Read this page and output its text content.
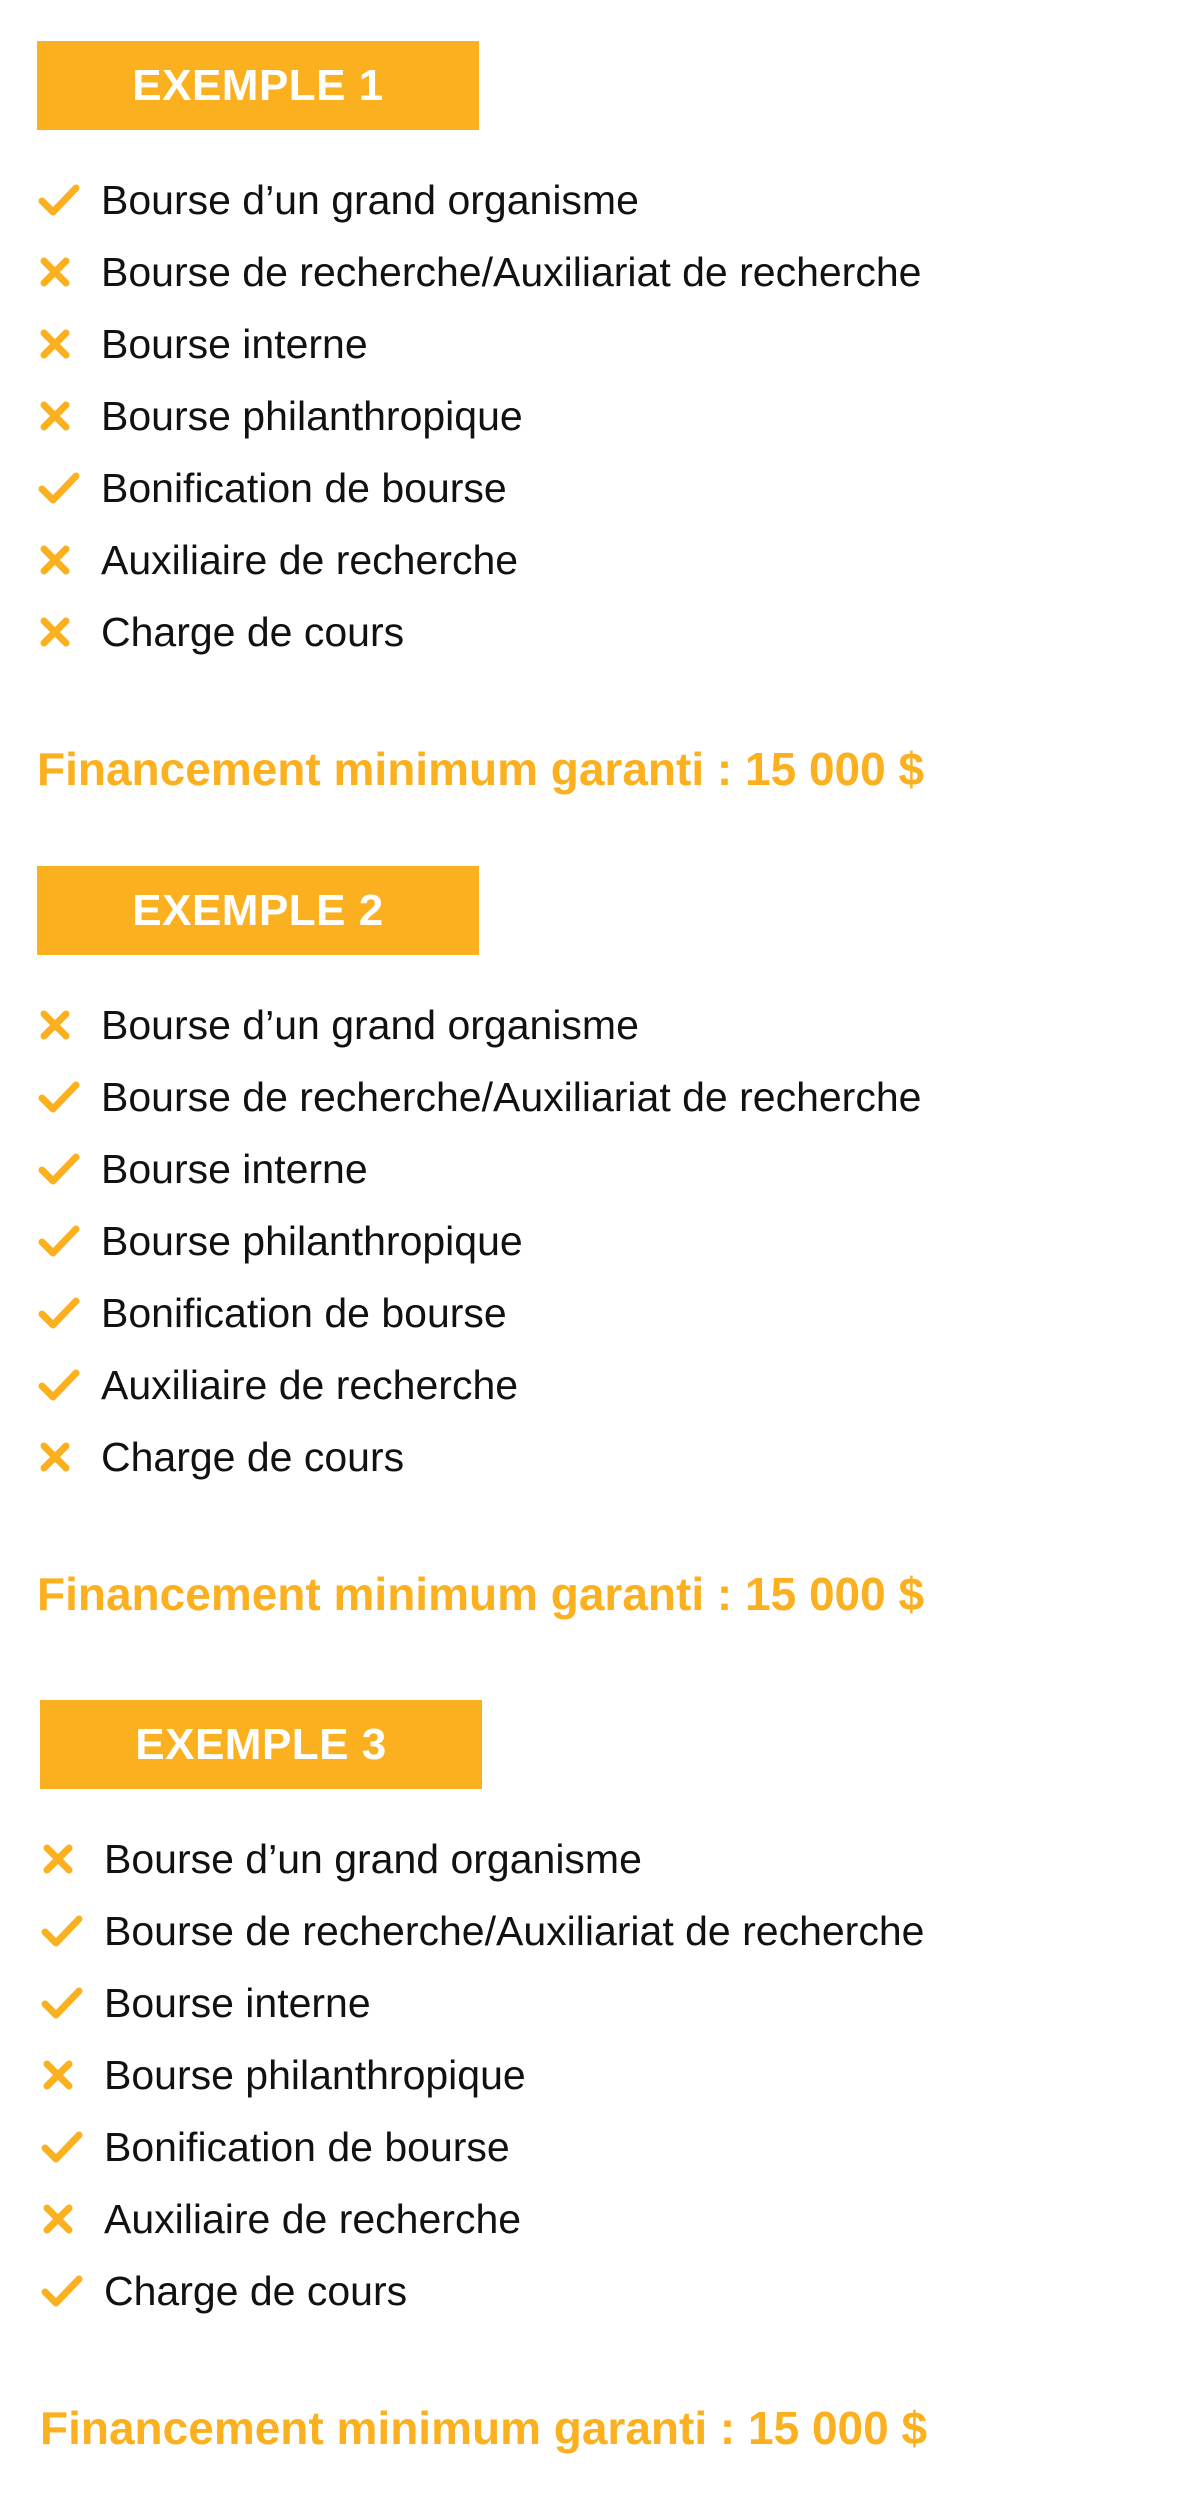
EXEMPLE 1
Bourse d’un grand organisme
Bourse de recherche/Auxiliariat de recherche
Bourse interne
Bourse philanthropique
Bonification de bourse
Auxiliaire de recherche
Charge de cours
Financement minimum garanti : 15 000 $
EXEMPLE 2
Bourse d’un grand organisme
Bourse de recherche/Auxiliariat de recherche
Bourse interne
Bourse philanthropique
Bonification de bourse
Auxiliaire de recherche
Charge de cours
Financement minimum garanti : 15 000 $
EXEMPLE 3
Bourse d’un grand organisme
Bourse de recherche/Auxiliariat de recherche
Bourse interne
Bourse philanthropique
Bonification de bourse
Auxiliaire de recherche
Charge de cours
Financement minimum garanti : 15 000 $
